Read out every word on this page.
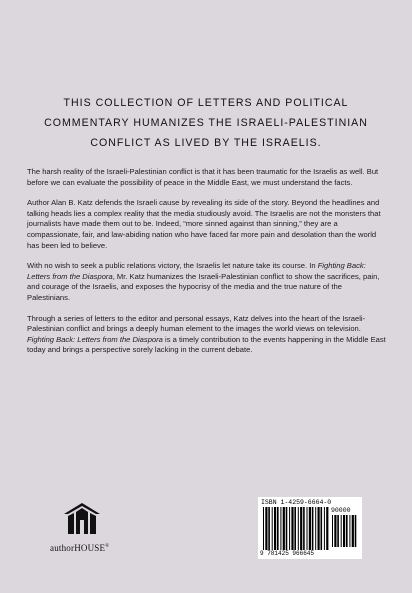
THIS COLLECTION OF LETTERS AND POLITICAL
COMMENTARY HUMANIZES THE ISRAELI-PALESTINIAN
CONFLICT AS LIVED BY THE ISRAELIS.

The harsh reality of the Israeli-Palestinian conflict is that it has been traumatic for the Israelis as well. But before we can evaluate the possibility of peace in the Middle East, we must understand the facts.

Author Alan B. Katz defends the Israeli cause by revealing its side of the story. Beyond the headlines and talking heads lies a complex reality that the media studiously avoid. The Israelis are not the monsters that journalists have made them out to be. Indeed, “more sinned against than sinning,” they are a compassionate, fair, and law-abiding nation who have faced far more pain and desolation than the world has been led to believe.

With no wish to seek a public relations victory, the Israelis let nature take its course. In Fighting Back: Letters from the Diaspora, Mr. Katz humanizes the Israeli-Palestinian conflict to show the sacrifices, pain, and courage of the Israelis, and exposes the hypocrisy of the media and the true nature of the Palestinians.

Through a series of letters to the editor and personal essays, Katz delves into the heart of the Israeli-Palestinian conflict and brings a deeply human element to the images the world views on television. Fighting Back: Letters from the Diaspora is a timely contribution to the events happening in the Middle East today and brings a perspective sorely lacking in the current debate.

authorHOUSE®
ISBN 1-4259-6664-0
90000
9 781425 966645
